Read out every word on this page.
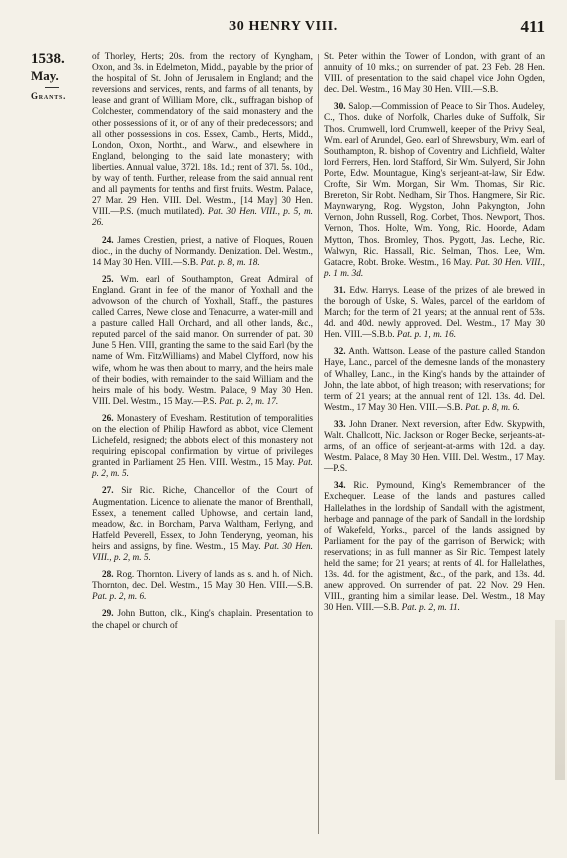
30 HENRY VIII.	411
1538.
May.
Grants.

of Thorley, Herts; 20s. from the rectory of Kyngham, Oxon, and 3s. in Edelmeton, Midd., payable by the prior of the hospital of St. John of Jerusalem in England; and the reversions and services, rents, and farms of all tenants, by lease and grant of William More, clk., suffragan bishop of Colchester, commendatory of the said monastery and the other possessions of it, or of any of their predecessors; and all other possessions in cos. Essex, Camb., Herts, Midd., London, Oxon, Northt., and Warw., and elsewhere in England, belonging to the said late monastery; with liberties. Annual value, 372l. 18s. 1d.; rent of 37l. 5s. 10d., by way of tenth. Further, release from the said annual rent and all payments for tenths and first fruits. Westm. Palace, 27 Mar. 29 Hen. VIII. Del. Westm., [14 May] 30 Hen. VIII.—P.S. (much mutilated). Pat. 30 Hen. VIII., p. 5, m. 26.

24. James Crestien, priest, a native of Floques, Rouen dioc., in the duchy of Normandy. Denization. Del. Westm., 14 May 30 Hen. VIII.—S.B. Pat. p. 8, m. 18.

25. Wm. earl of Southampton, Great Admiral of England. Grant in fee of the manor of Yoxhall and the advowson of the church of Yoxhall, Staff., the pastures called Carres, Newe close and Tenacurre, a water-mill and a pasture called Hall Orchard, and all other lands, &c., reputed parcel of the said manor. On surrender of pat. 30 June 5 Hen. VIII, granting the same to the said Earl (by the name of Wm. FitzWilliams) and Mabel Clyfford, now his wife, whom he was then about to marry, and the heirs male of their bodies, with remainder to the said William and the heirs male of his body. Westm. Palace, 9 May 30 Hen. VIII. Del. Westm., 15 May.—P.S. Pat. p. 2, m. 17.

26. Monastery of Evesham. Restitution of temporalities on the election of Philip Hawford as abbot, vice Clement Lichefeld, resigned; the abbots elect of this monastery not requiring episcopal confirmation by virtue of privileges granted in Parliament 25 Hen. VIII. Westm., 15 May. Pat. p. 2, m. 5.

27. Sir Ric. Riche, Chancellor of the Court of Augmentation. Licence to alienate the manor of Brenthall, Essex, a tenement called Uphowse, and certain land, meadow, &c. in Borcham, Parva Waltham, Ferlyng, and Hatfeld Peverell, Essex, to John Tenderyng, yeoman, his heirs and assigns, by fine. Westm., 15 May. Pat. 30 Hen. VIII., p. 2, m. 5.

28. Rog. Thornton. Livery of lands as s. and h. of Nich. Thornton, dec. Del. Westm., 15 May 30 Hen. VIII.—S.B. Pat. p. 2, m. 6.

29. John Button, clk., King's chaplain. Presentation to the chapel or church of

St. Peter within the Tower of London, with grant of an annuity of 10 mks.; on surrender of pat. 23 Feb. 28 Hen. VIII. of presentation to the said chapel vice John Ogden, dec. Del. Westm., 16 May 30 Hen. VIII.—S.B.

30. Salop.—Commission of Peace to Sir Thos. Audeley, C., Thos. duke of Norfolk, Charles duke of Suffolk, Sir Thos. Crumwell, lord Crumwell, keeper of the Privy Seal, Wm. earl of Arundel, Geo. earl of Shrewsbury, Wm. earl of Southampton, R. bishop of Coventry and Lichfield, Walter lord Ferrers, Hen. lord Stafford, Sir Wm. Sulyerd, Sir John Porte, Edw. Mountague, King's serjeant-at-law, Sir Edw. Crofte, Sir Wm. Morgan, Sir Wm. Thomas, Sir Ric. Brereton, Sir Robt. Nedham, Sir Thos. Hangmere, Sir Ric. Maynwaryng, Rog. Wygston, John Pakyngton, John Vernon, John Russell, Rog. Corbet, Thos. Newport, Thos. Vernon, Thos. Holte, Wm. Yong, Ric. Hoorde, Adam Mytton, Thos. Bromley, Thos. Pygott, Jas. Leche, Ric. Walwyn, Ric. Hassall, Ric. Selman, Thos. Lee, Wm. Gatacre, Robt. Broke. Westm., 16 May. Pat. 30 Hen. VIII., p. 1 m. 3d.

31. Edw. Harrys. Lease of the prizes of ale brewed in the borough of Uske, S. Wales, parcel of the earldom of March; for the term of 21 years; at the annual rent of 53s. 4d. and 40d. newly approved. Del. Westm., 17 May 30 Hen. VIII.—S.B.b. Pat. p. 1, m. 16.

32. Anth. Wattson. Lease of the pasture called Standon Haye, Lanc., parcel of the demesne lands of the monastery of Whalley, Lanc., in the King's hands by the attainder of John, the late abbot, of high treason; with reservations; for term of 21 years; at the annual rent of 12l. 13s. 4d. Del. Westm., 17 May 30 Hen. VIII.—S.B. Pat. p. 8, m. 6.

33. John Draner. Next reversion, after Edw. Skypwith, Walt. Challcott, Nic. Jackson or Roger Becke, serjeants-at-arms, of an office of serjeant-at-arms with 12d. a day. Westm. Palace, 8 May 30 Hen. VIII. Del. Westm., 17 May.—P.S.

34. Ric. Pymound, King's Remembrancer of the Exchequer. Lease of the lands and pastures called Hallelathes in the lordship of Sandall with the agistment, herbage and pannage of the park of Sandall in the lordship of Wakefeld, Yorks., parcel of the lands assigned by Parliament for the pay of the garrison of Berwick; with reservations; in as full manner as Sir Ric. Tempest lately held the same; for 21 years; at rents of 4l. for Hallelathes, 13s. 4d. for the agistment, &c., of the park, and 13s. 4d. anew approved. On surrender of pat. 22 Nov. 29 Hen. VIII., granting him a similar lease. Del. Westm., 18 May 30 Hen. VIII.—S.B. Pat. p. 2, m. 11.
